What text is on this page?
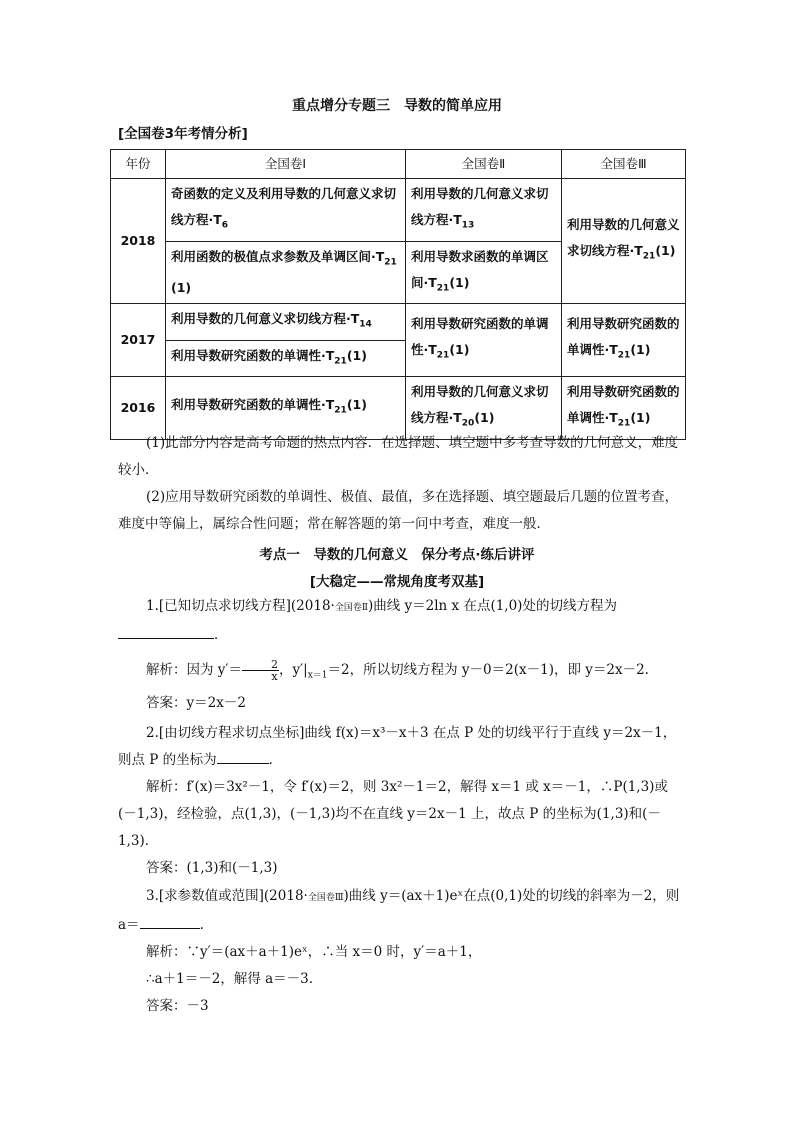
重点增分专题三　导数的简单应用
[全国卷3年考情分析]
年份	全国卷Ⅰ	全国卷Ⅱ	全国卷Ⅲ
2018	奇函数的定义及利用导数的几何意义求切线方程$\cdot T_6$	利用导数的几何意义求切线方程$\cdot T_{13}$	利用导数的几何意义求切线方程$\cdot T_{21}(1)$
	利用函数的极值点求参数及单调区间$\cdot T_{21}(1)$	利用导数求函数的单调区间$\cdot T_{21}(1)$	
2017	利用导数的几何意义求切线方程$\cdot T_{14}$	利用导数研究函数的单调性$\cdot T_{21}(1)$	利用导数研究函数的单调性$\cdot T_{21}(1)$
	利用导数研究函数的单调性$\cdot T_{21}(1)$		
2016	利用导数研究函数的单调性$\cdot T_{21}(1)$	利用导数的几何意义求切线方程$\cdot T_{20}(1)$	利用导数研究函数的单调性$\cdot T_{21}(1)$
(1)此部分内容是高考命题的热点内容．在选择题、填空题中多考查导数的几何意义，难度较小．
(2)应用导数研究函数的单调性、极值、最值，多在选择题、填空题最后几题的位置考查，难度中等偏上，属综合性问题；常在解答题的第一问中考查，难度一般．
考点一　导数的几何意义　保分考点·练后讲评
[大稳定——常规角度考双基]
1.[已知切点求切线方程](2018·全国卷Ⅱ)曲线 y＝2ln x 在点(1,0)处的切线方程为
．
解析：因为 $y'= \frac{2}{x}$ ，$y'|_{x=1}=2$，所以切线方程为 y－0＝2(x－1)，即 y＝2x－2.
答案：y＝2x－2
2.[由切线方程求切点坐标]曲线 f(x)＝x³－x＋3 在点 P 处的切线平行于直线 y＝2x－1，则点 P 的坐标为	．
解析：f′(x)＝3x²－1，令 f′(x)＝2，则 3x²－1＝2，解得 x＝1 或 x＝－1，∴P(1,3)或(－1,3)，经检验，点(1,3)，(－1,3)均不在直线 y＝2x－1 上，故点 P 的坐标为(1,3)和(－1,3)．
答案：(1,3)和(－1,3)
3.[求参数值或范围](2018·全国卷Ⅲ)曲线 y＝(ax＋1)eˣ在点(0,1)处的切线的斜率为－2，则 a＝	.
解析：∵y′＝(ax＋a＋1)eˣ，∴当 x＝0 时，y′＝a＋1，
∴a＋1＝－2，解得 a＝－3.
答案：－3
